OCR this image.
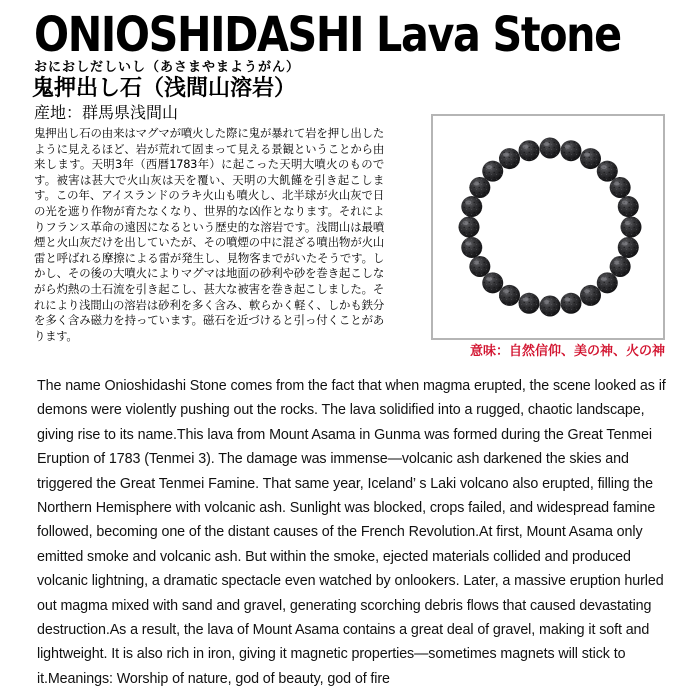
ONIOSHIDASHI Lava Stone
おにおしだしいし（あさまやまようがん）
鬼押出し石（浅間山溶岩）
産地：群馬県浅間山
鬼押出し石の由来はマグマが噴火した際に鬼が暴れて岩を押し出したように見えるほど、岩が荒れて固まって見える景観ということから由来します。天明3年（西暦1783年）に起こった天明大噴火のものです。被害は甚大で火山灰は天を覆い、天明の大飢饉を引き起こします。この年、アイスランドのラキ火山も噴火し、北半球が火山灰で日の光を遮り作物が育たなくなり、世界的な凶作となります。それによりフランス革命の遠因になるという歴史的な溶岩です。浅間山は最噴煙と火山灰だけを出していたが、その噴煙の中に混ざる噴出物が火山雷と呼ばれる摩擦による雷が発生し、見物客までがいたそうです。しかし、その後の大噴火によりマグマは地面の砂利や砂を巻き起こしながら灼熱の土石流を引き起こし、甚大な被害を巻き起こしました。それにより浅間山の溶岩は砂利を多く含み、軟らかく軽く、しかも鉄分を多く含み磁力を持っています。磁石を近づけると引っ付くことがあります。
意味：自然信仰、美の神、火の神
The name Onioshidashi Stone comes from the fact that when magma erupted, the scene looked as if demons were violently pushing out the rocks. The lava solidified into a rugged, chaotic landscape, giving rise to its name.This lava from Mount Asama in Gunma was formed during the Great Tenmei Eruption of 1783 (Tenmei 3). The damage was immense—volcanic ash darkened the skies and triggered the Great Tenmei Famine. That same year, Iceland’ s Laki volcano also erupted, filling the Northern Hemisphere with volcanic ash. Sunlight was blocked, crops failed, and widespread famine followed, becoming one of the distant causes of the French Revolution.At first, Mount Asama only emitted smoke and volcanic ash. But within the smoke, ejected materials collided and produced volcanic lightning, a dramatic spectacle even watched by onlookers. Later, a massive eruption hurled out magma mixed with sand and gravel, generating scorching debris flows that caused devastating destruction.As a result, the lava of Mount Asama contains a great deal of gravel, making it soft and lightweight. It is also rich in iron, giving it magnetic properties—sometimes magnets will stick to it.Meanings: Worship of nature, god of beauty, god of fire
